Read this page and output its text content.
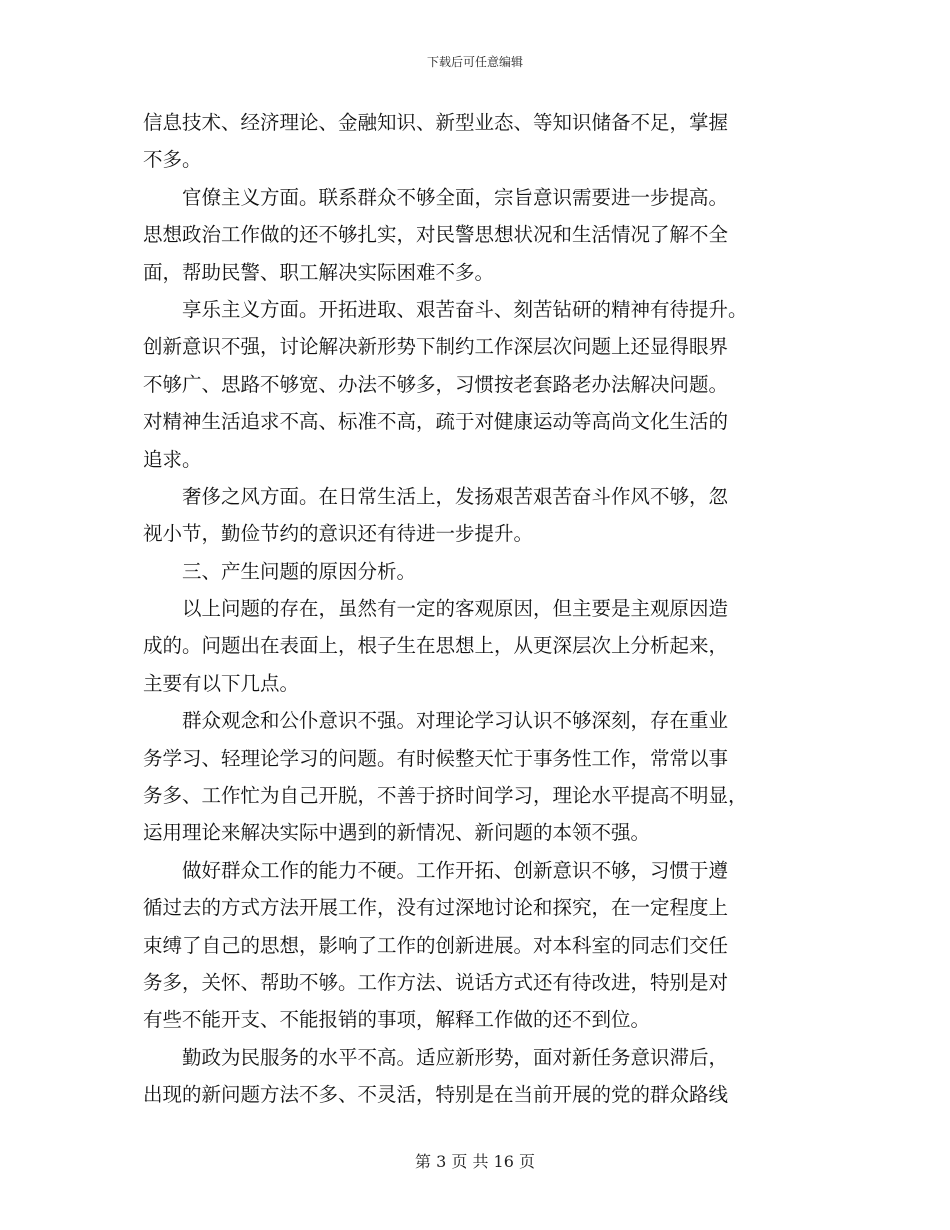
下载后可任意编辑
信息技术、经济理论、金融知识、新型业态、等知识储备不足，掌握
不多。
官僚主义方面。联系群众不够全面，宗旨意识需要进一步提高。
思想政治工作做的还不够扎实，对民警思想状况和生活情况了解不全
面，帮助民警、职工解决实际困难不多。
享乐主义方面。开拓进取、艰苦奋斗、刻苦钻研的精神有待提升。
创新意识不强，讨论解决新形势下制约工作深层次问题上还显得眼界
不够广、思路不够宽、办法不够多，习惯按老套路老办法解决问题。
对精神生活追求不高、标准不高，疏于对健康运动等高尚文化生活的
追求。
奢侈之风方面。在日常生活上，发扬艰苦艰苦奋斗作风不够，忽
视小节，勤俭节约的意识还有待进一步提升。
三、产生问题的原因分析。
以上问题的存在，虽然有一定的客观原因，但主要是主观原因造
成的。问题出在表面上，根子生在思想上，从更深层次上分析起来，
主要有以下几点。
群众观念和公仆意识不强。对理论学习认识不够深刻，存在重业
务学习、轻理论学习的问题。有时候整天忙于事务性工作，常常以事
务多、工作忙为自己开脱，不善于挤时间学习，理论水平提高不明显，
运用理论来解决实际中遇到的新情况、新问题的本领不强。
做好群众工作的能力不硬。工作开拓、创新意识不够，习惯于遵
循过去的方式方法开展工作，没有过深地讨论和探究，在一定程度上
束缚了自己的思想，影响了工作的创新进展。对本科室的同志们交任
务多，关怀、帮助不够。工作方法、说话方式还有待改进，特别是对
有些不能开支、不能报销的事项，解释工作做的还不到位。
勤政为民服务的水平不高。适应新形势，面对新任务意识滞后，
出现的新问题方法不多、不灵活，特别是在当前开展的党的群众路线
第 3 页 共 16 页
